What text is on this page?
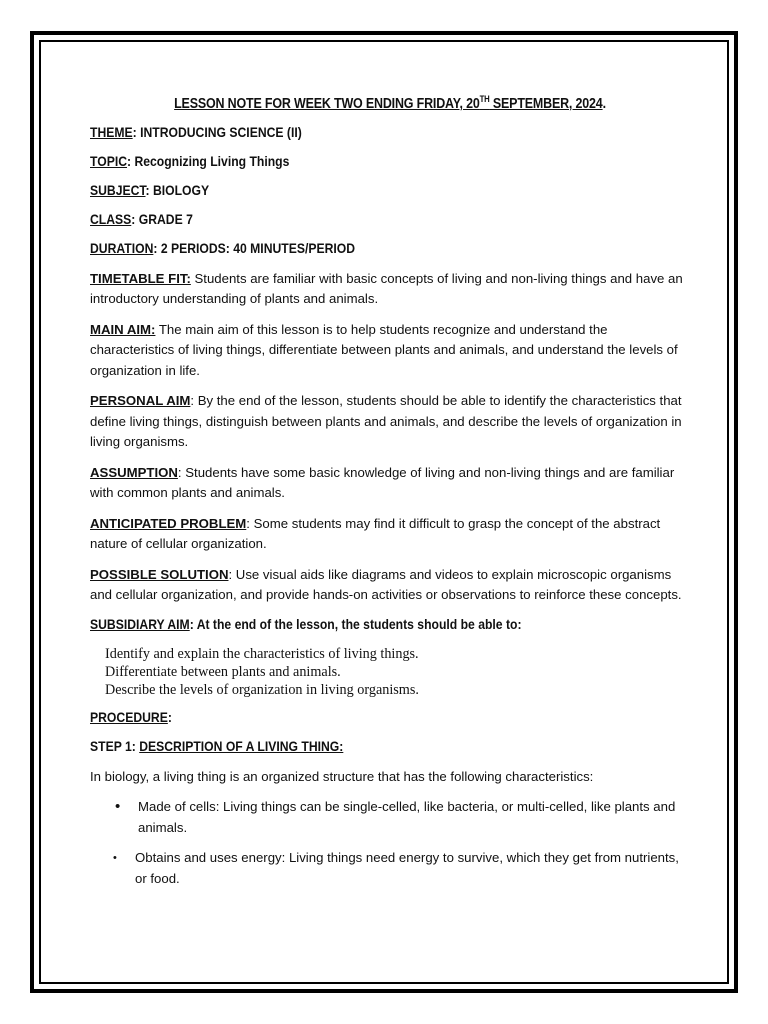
LESSON NOTE FOR WEEK TWO ENDING FRIDAY, 20TH SEPTEMBER, 2024.
THEME: INTRODUCING SCIENCE (II)
TOPIC: Recognizing Living Things
SUBJECT: BIOLOGY
CLASS: GRADE 7
DURATION: 2 PERIODS: 40 MINUTES/PERIOD

TIMETABLE FIT: Students are familiar with basic concepts of living and non-living things and have an introductory understanding of plants and animals.

MAIN AIM: The main aim of this lesson is to help students recognize and understand the characteristics of living things, differentiate between plants and animals, and understand the levels of organization in life.

PERSONAL AIM: By the end of the lesson, students should be able to identify the characteristics that define living things, distinguish between plants and animals, and describe the levels of organization in living organisms.

ASSUMPTION: Students have some basic knowledge of living and non-living things and are familiar with common plants and animals.

ANTICIPATED PROBLEM: Some students may find it difficult to grasp the concept of the abstract nature of cellular organization.

POSSIBLE SOLUTION: Use visual aids like diagrams and videos to explain microscopic organisms and cellular organization, and provide hands-on activities or observations to reinforce these concepts.

SUBSIDIARY AIM: At the end of the lesson, the students should be able to:
Identify and explain the characteristics of living things.
Differentiate between plants and animals.
Describe the levels of organization in living organisms.
PROCEDURE:
STEP 1: DESCRIPTION OF A LIVING THING:

In biology, a living thing is an organized structure that has the following characteristics:

• Made of cells: Living things can be single-celled, like bacteria, or multi-celled, like plants and animals.
• Obtains and uses energy: Living things need energy to survive, which they get from nutrients, or food.
